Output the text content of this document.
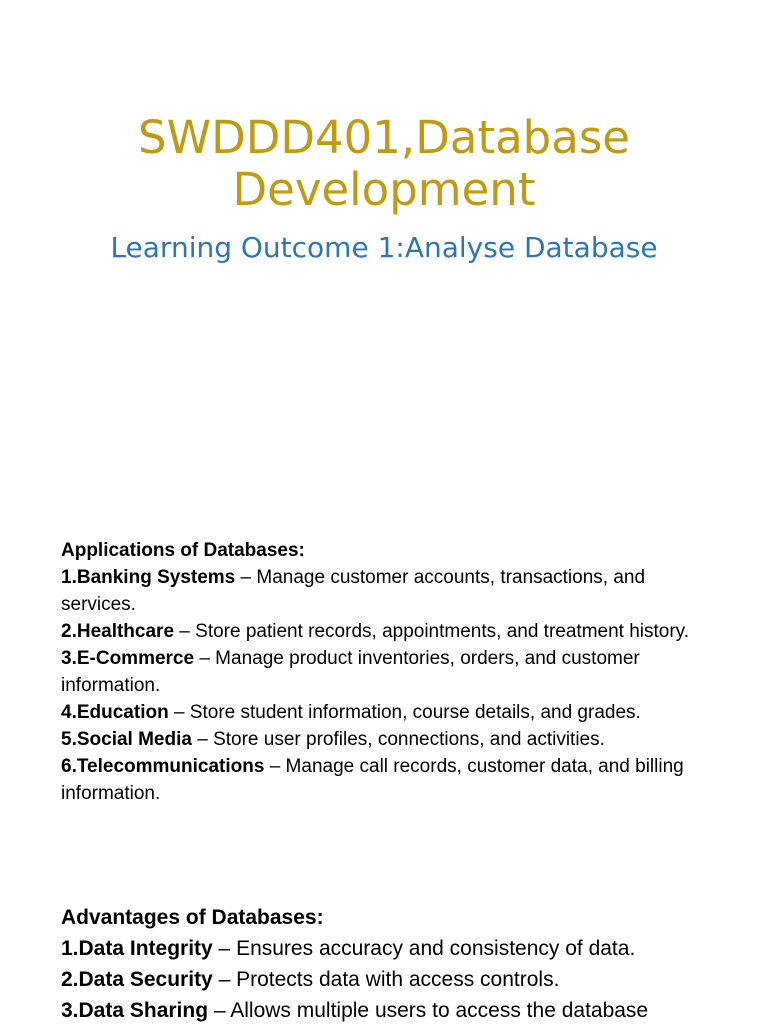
SWDDD401,Database Development
Learning Outcome 1:Analyse Database
Applications of Databases:

1.Banking Systems – Manage customer accounts, transactions, and services.

2.Healthcare – Store patient records, appointments, and treatment history.

3.E-Commerce – Manage product inventories, orders, and customer information.

4.Education – Store student information, course details, and grades.

5.Social Media – Store user profiles, connections, and activities.

6.Telecommunications – Manage call records, customer data, and billing information.

Advantages of Databases:

1.Data Integrity – Ensures accuracy and consistency of data.

2.Data Security – Protects data with access controls.

3.Data Sharing – Allows multiple users to access the database
